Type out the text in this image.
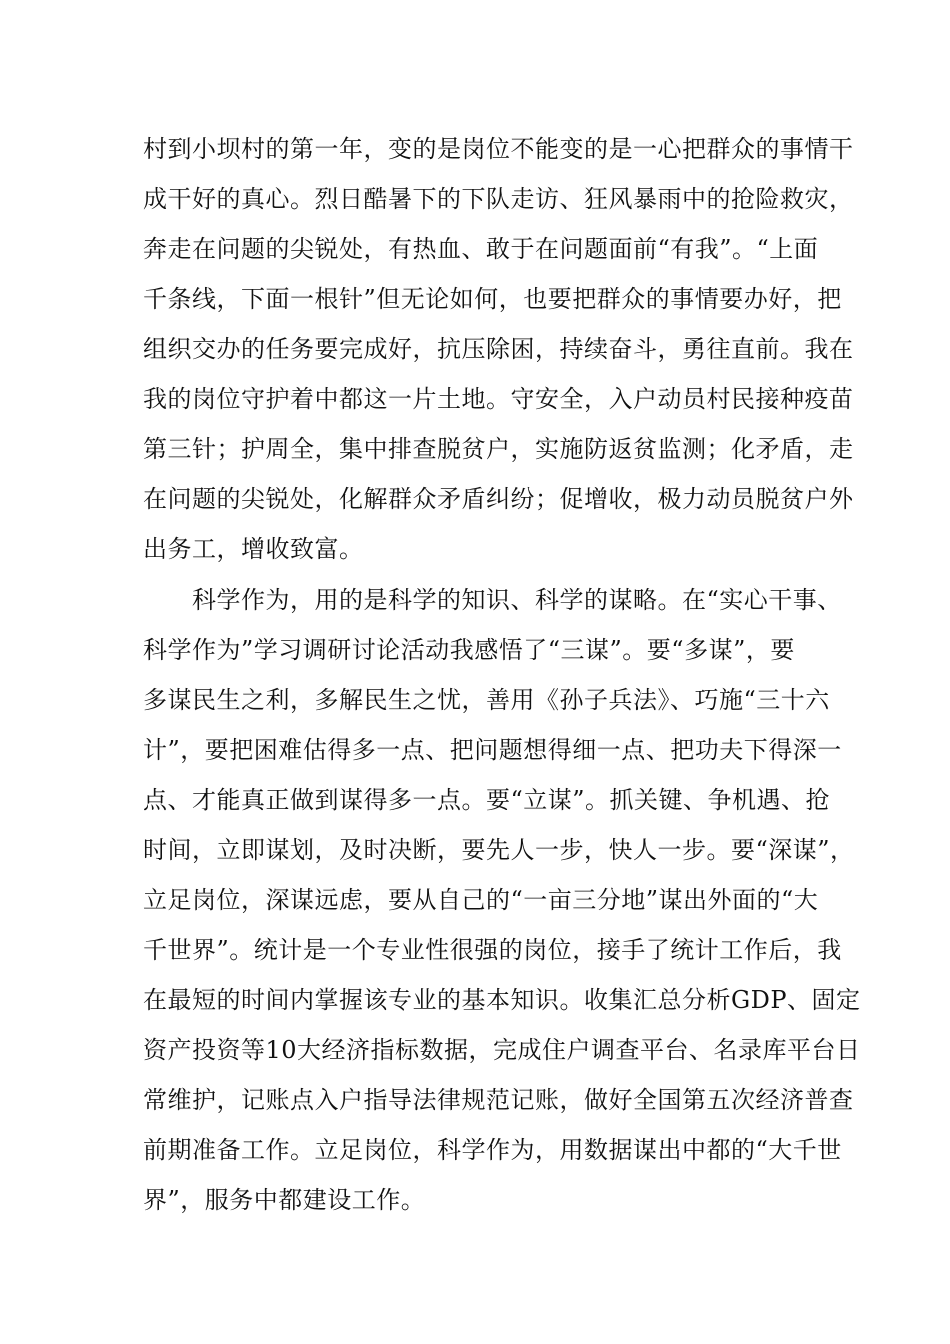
村到小坝村的第一年，变的是岗位不能变的是一心把群众的事情干
成干好的真心。烈日酷暑下的下队走访、狂风暴雨中的抢险救灾，
奔走在问题的尖锐处，有热血、敢于在问题面前“有我”。“上面
千条线，下面一根针”但无论如何，也要把群众的事情要办好，把
组织交办的任务要完成好，抗压除困，持续奋斗，勇往直前。我在
我的岗位守护着中都这一片土地。守安全，入户动员村民接种疫苗
第三针；护周全，集中排查脱贫户，实施防返贫监测；化矛盾，走
在问题的尖锐处，化解群众矛盾纠纷；促增收，极力动员脱贫户外
出务工，增收致富。
　　科学作为，用的是科学的知识、科学的谋略。在“实心干事、
科学作为”学习调研讨论活动我感悟了“三谋”。要“多谋”，要
多谋民生之利，多解民生之忧，善用《孙子兵法》、巧施“三十六
计”，要把困难估得多一点、把问题想得细一点、把功夫下得深一
点、才能真正做到谋得多一点。要“立谋”。抓关键、争机遇、抢
时间，立即谋划，及时决断，要先人一步，快人一步。要“深谋”，
立足岗位，深谋远虑，要从自己的“一亩三分地”谋出外面的“大
千世界”。统计是一个专业性很强的岗位，接手了统计工作后，我
在最短的时间内掌握该专业的基本知识。收集汇总分析GDP、固定
资产投资等10大经济指标数据，完成住户调查平台、名录库平台日
常维护，记账点入户指导法律规范记账，做好全国第五次经济普查
前期准备工作。立足岗位，科学作为，用数据谋出中都的“大千世
界”，服务中都建设工作。
